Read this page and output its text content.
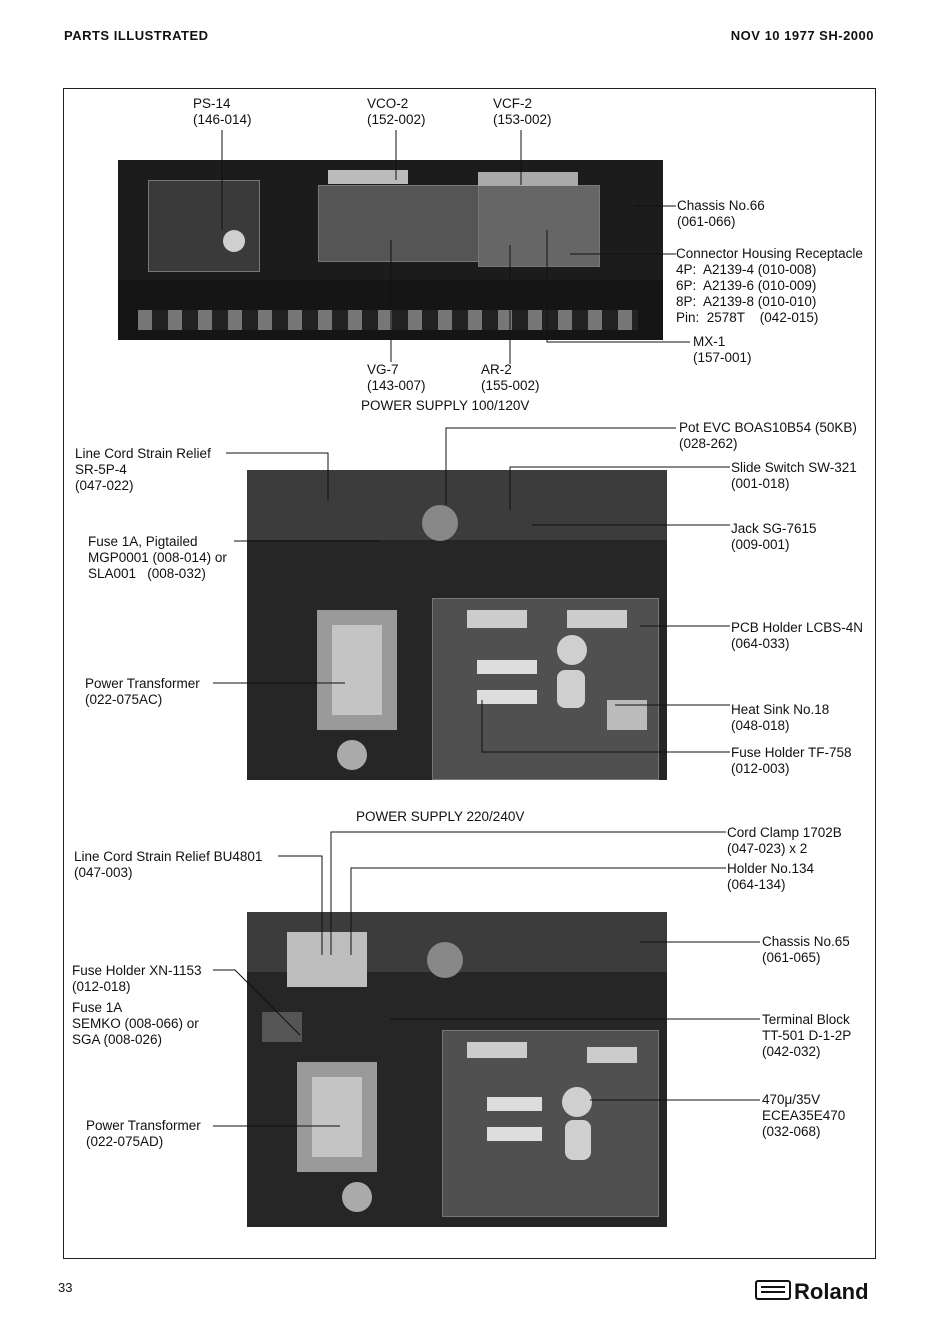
PARTS ILLUSTRATED	NOV 10 1977 SH-2000
PS-14
(146-014)
VCO-2
(152-002)
VCF-2
(153-002)
Chassis No.66
(061-066)
Connector Housing Receptacle
4P:  A2139-4 (010-008)
6P:  A2139-6 (010-009)
8P:  A2139-8 (010-010)
Pin:  2578T    (042-015)
MX-1
(157-001)
VG-7
(143-007)
AR-2
(155-002)
POWER SUPPLY 100/120V
Line Cord Strain Relief
SR-5P-4
(047-022)
Fuse 1A, Pigtailed
MGP0001 (008-014) or
SLA001   (008-032)
Power Transformer
(022-075AC)
Pot EVC BOAS10B54 (50KB)
(028-262)
Slide Switch SW-321
(001-018)
Jack SG-7615
(009-001)
PCB Holder LCBS-4N
(064-033)
Heat Sink No.18
(048-018)
Fuse Holder TF-758
(012-003)
POWER SUPPLY 220/240V
Line Cord Strain Relief BU4801
(047-003)
Fuse Holder XN-1153
(012-018)
Fuse 1A
SEMKO (008-066) or
SGA (008-026)
Power Transformer
(022-075AD)
Cord Clamp 1702B
(047-023) x 2
Holder No.134
(064-134)
Chassis No.65
(061-065)
Terminal Block
TT-501 D-1-2P
(042-032)
470μ/35V
ECEA35E470
(032-068)
33	Roland
